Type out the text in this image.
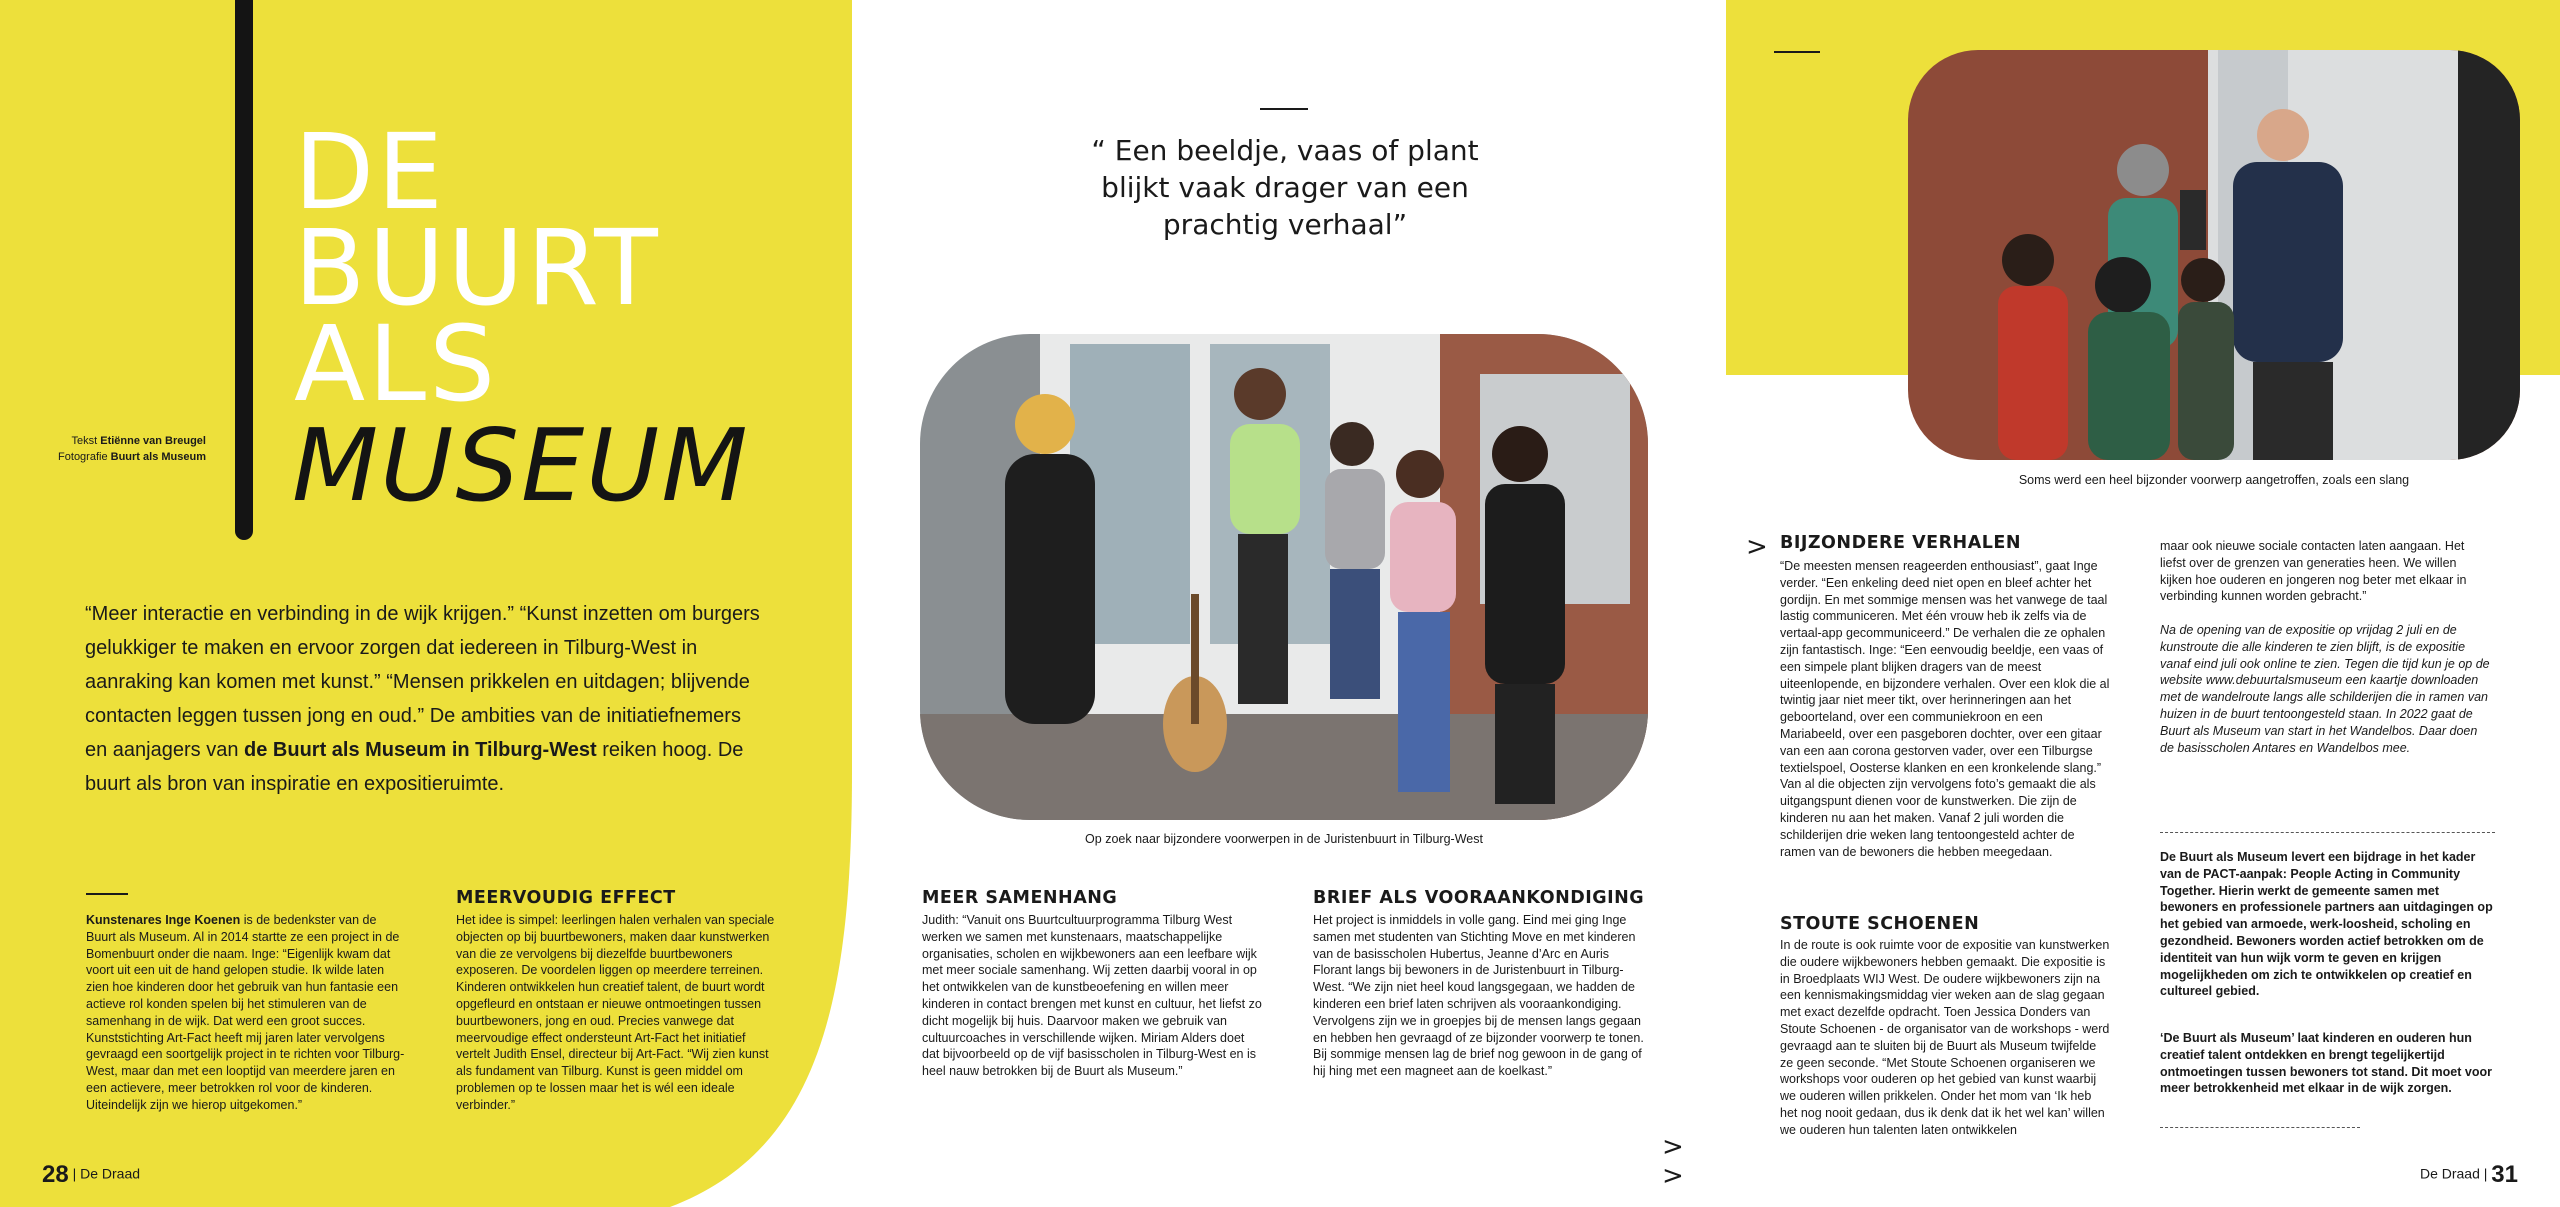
DE
BUURT
ALS
MUSEUM
Tekst Etiënne van Breugel
Fotografie Buurt als Museum
“Meer interactie en verbinding in de wijk krijgen.” “Kunst inzetten om burgers gelukkiger te maken en ervoor zorgen dat iedereen in Tilburg-West in aanraking kan komen met kunst.” “Mensen prikkelen en uitdagen; blijvende contacten leggen tussen jong en oud.” De ambities van de initiatiefnemers en aanjagers van de Buurt als Museum in Tilburg-West reiken hoog. De buurt als bron van inspiratie en expositieruimte.
Kunstenares Inge Koenen is de bedenkster van de Buurt als Museum. Al in 2014 startte ze een project in de Bomenbuurt onder die naam. Inge: “Eigenlijk kwam dat voort uit een uit de hand gelopen studie. Ik wilde laten zien hoe kinderen door het gebruik van hun fantasie een actieve rol konden spelen bij het stimuleren van de samenhang in de wijk. Dat werd een groot succes. Kunststichting Art-Fact heeft mij jaren later vervolgens gevraagd een soortgelijk project in te richten voor Tilburg-West, maar dan met een looptijd van meerdere jaren en een actievere, meer betrokken rol voor de kinderen. Uiteindelijk zijn we hierop uitgekomen.”
MEERVOUDIG EFFECT
Het idee is simpel: leerlingen halen verhalen van speciale objecten op bij buurtbewoners, maken daar kunstwerken van die ze vervolgens bij diezelfde buurtbewoners exposeren. De voordelen liggen op meerdere terreinen. Kinderen ontwikkelen hun creatief talent, de buurt wordt opgefleurd en ontstaan er nieuwe ontmoetingen tussen buurtbewoners, jong en oud. Precies vanwege dat meervoudige effect ondersteunt Art-Fact het initiatief vertelt Judith Ensel, directeur bij Art-Fact. “Wij zien kunst als fundament van Tilburg. Kunst is geen middel om problemen op te lossen maar het is wél een ideale verbinder.”
28 | De Draad
“ Een beeldje, vaas of plant blijkt vaak drager van een prachtig verhaal”
Op zoek naar bijzondere voorwerpen in de Juristenbuurt in Tilburg-West
MEER SAMENHANG
Judith: “Vanuit ons Buurtcultuurprogramma Tilburg West werken we samen met kunstenaars, maatschappelijke organisaties, scholen en wijkbewoners aan een leefbare wijk met meer sociale samenhang. Wij zetten daarbij vooral in op het ontwikkelen van de kunstbeoefening en willen meer kinderen in contact brengen met kunst en cultuur, het liefst zo dicht mogelijk bij huis. Daarvoor maken we gebruik van cultuurcoaches in verschillende wijken. Miriam Alders doet dat bijvoorbeeld op de vijf basisscholen in Tilburg-West en is heel nauw betrokken bij de Buurt als Museum.”
BRIEF ALS VOORAANKONDIGING
Het project is inmiddels in volle gang. Eind mei ging Inge samen met studenten van Stichting Move en met kinderen van de basisscholen Hubertus, Jeanne d’Arc en Auris Florant langs bij bewoners in de Juristenbuurt in Tilburg-West. “We zijn niet heel koud langsgegaan, we hadden de kinderen een brief laten schrijven als vooraankondiging. Vervolgens zijn we in groepjes bij de mensen langs gegaan en hebben hen gevraagd of ze bijzonder voorwerp te tonen. Bij sommige mensen lag de brief nog gewoon in de gang of hij hing met een magneet aan de koelkast.”
>
>
Soms werd een heel bijzonder voorwerp aangetroffen, zoals een slang
> BIJZONDERE VERHALEN
“De meesten mensen reageerden enthousiast”, gaat Inge verder. “Een enkeling deed niet open en bleef achter het gordijn. En met sommige mensen was het vanwege de taal lastig communiceren. Met één vrouw heb ik zelfs via de vertaal-app gecommuniceerd.” De verhalen die ze ophalen zijn fantastisch. Inge: “Een eenvoudig beeldje, een vaas of een simpele plant blijken dragers van de meest uiteenlopende, en bijzondere verhalen. Over een klok die al twintig jaar niet meer tikt, over herinneringen aan het geboorteland, over een communiekroon en een Mariabeeld, over een pasgeboren dochter, over een gitaar van een aan corona gestorven vader, over een Tilburgse textielspoel, Oosterse klanken en een kronkelende slang.” Van al die objecten zijn vervolgens foto’s gemaakt die als uitgangspunt dienen voor de kunstwerken. Die zijn de kinderen nu aan het maken. Vanaf 2 juli worden die schilderijen drie weken lang tentoongesteld achter de ramen van de bewoners die hebben meegedaan.
STOUTE SCHOENEN
In de route is ook ruimte voor de expositie van kunstwerken die oudere wijkbewoners hebben gemaakt. Die expositie is in Broedplaats WIJ West. De oudere wijkbewoners zijn na een kennismakingsmiddag vier weken aan de slag gegaan met exact dezelfde opdracht. Toen Jessica Donders van Stoute Schoenen - de organisator van de workshops - werd gevraagd aan te sluiten bij de Buurt als Museum twijfelde ze geen seconde. “Met Stoute Schoenen organiseren we workshops voor ouderen op het gebied van kunst waarbij we ouderen willen prikkelen. Onder het mom van ‘Ik heb het nog nooit gedaan, dus ik denk dat ik het wel kan’ willen we ouderen hun talenten laten ontwikkelen
maar ook nieuwe sociale contacten laten aangaan. Het liefst over de grenzen van generaties heen. We willen kijken hoe ouderen en jongeren nog beter met elkaar in verbinding kunnen worden gebracht.”
Na de opening van de expositie op vrijdag 2 juli en de kunstroute die alle kinderen te zien blijft, is de expositie vanaf eind juli ook online te zien. Tegen die tijd kun je op de website www.debuurtalsmuseum een kaartje downloaden met de wandelroute langs alle schilderijen die in ramen van huizen in de buurt tentoongesteld staan. In 2022 gaat de Buurt als Museum van start in het Wandelbos. Daar doen de basisscholen Antares en Wandelbos mee.
De Buurt als Museum levert een bijdrage in het kader van de PACT-aanpak: People Acting in Community Together. Hierin werkt de gemeente samen met bewoners en professionele partners aan uitdagingen op het gebied van armoede, werk-loosheid, scholing en gezondheid. Bewoners worden actief betrokken om de identiteit van hun wijk vorm te geven en krijgen mogelijkheden om zich te ontwikkelen op creatief en cultureel gebied.
‘De Buurt als Museum’ laat kinderen en ouderen hun creatief talent ontdekken en brengt tegelijkertijd ontmoetingen tussen bewoners tot stand. Dit moet voor meer betrokkenheid met elkaar in de wijk zorgen.
De Draad | 31
